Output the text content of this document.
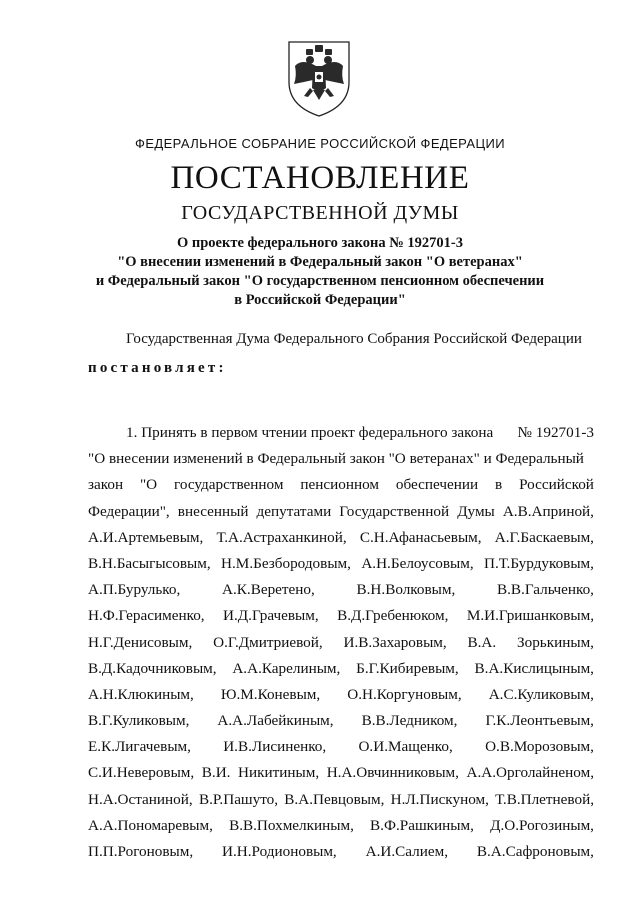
ФЕДЕРАЛЬНОЕ СОБРАНИЕ РОССИЙСКОЙ ФЕДЕРАЦИИ
ПОСТАНОВЛЕНИЕ
ГОСУДАРСТВЕННОЙ ДУМЫ
О проекте федерального закона № 192701-3
"О внесении изменений в Федеральный закон "О ветеранах"
и Федеральный закон "О государственном пенсионном обеспечении
в Российской Федерации"
Государственная Дума Федерального Собрания Российской Федерации
постановляет:
1. Принять в первом чтении проект федерального закона № 192701-3
"О внесении изменений в Федеральный закон "О ветеранах" и Федеральный
закон "О государственном пенсионном обеспечении в Российской
Федерации", внесенный депутатами Государственной Думы А.В.Априной,
А.И.Артемьевым, Т.А.Астраханкиной, С.Н.Афанасьевым, А.Г.Баскаевым,
В.Н.Басыгысовым, Н.М.Безбородовым, А.Н.Белоусовым, П.Т.Бурдуковым,
А.П.Бурулько,	А.К.Веретено,	В.Н.Волковым,	В.В.Гальченко,
Н.Ф.Герасименко, И.Д.Грачевым, В.Д.Гребенюком, М.И.Гришанковым,
Н.Г.Денисовым, О.Г.Дмитриевой, И.В.Захаровым, В.А. Зорькиным,
В.Д.Кадочниковым, А.А.Карелиным, Б.Г.Кибиревым, В.А.Кислицыным,
А.Н.Клюкиным, Ю.М.Коневым, О.Н.Коргуновым, А.С.Куликовым,
В.Г.Куликовым, А.А.Лабейкиным, В.В.Ледником, Г.К.Леонтьевым,
Е.К.Лигачевым, И.В.Лисиненко, О.И.Мащенко, О.В.Морозовым,
С.И.Неверовым, В.И. Никитиным, Н.А.Овчинниковым, А.А.Орголайненом,
Н.А.Останиной, В.Р.Пашуто, В.А.Певцовым, Н.Л.Пискуном, Т.В.Плетневой,
А.А.Пономаревым, В.В.Похмелкиным, В.Ф.Рашкиным, Д.О.Рогозиным,
П.П.Рогоновым, И.Н.Родионовым, А.И.Салием, В.А.Сафроновым,
